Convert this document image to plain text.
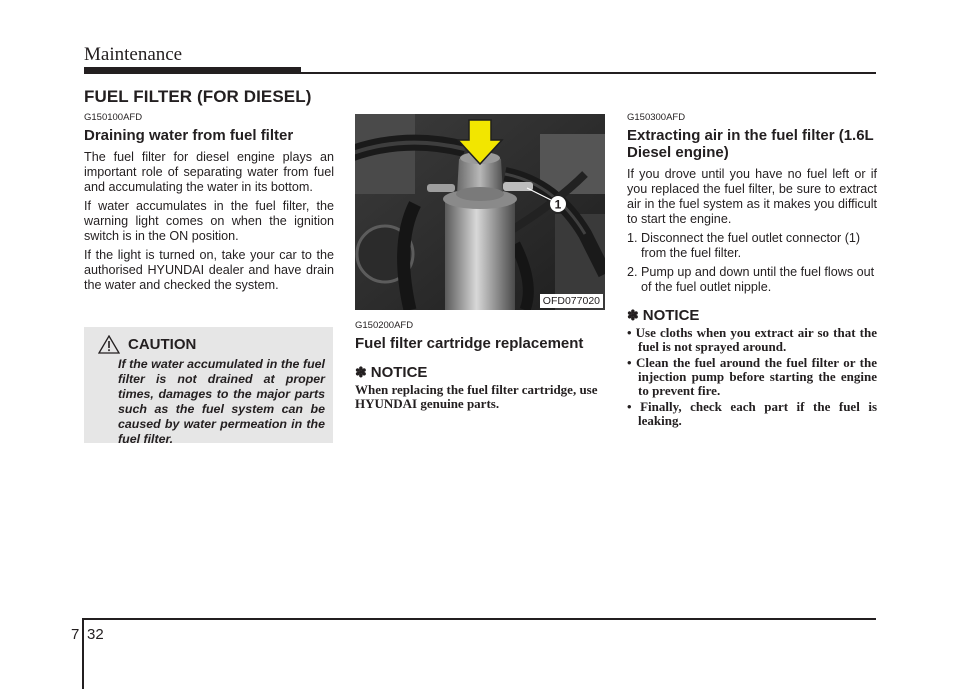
Maintenance
FUEL FILTER (FOR DIESEL)
G150100AFD
Draining water from fuel filter

The fuel filter for diesel engine plays an important role of separating water from fuel and accumulating the water in its bottom.

If water accumulates in the fuel filter, the warning light comes on when the ignition switch is in the ON position.

If the light is turned on, take your car to the authorised HYUNDAI dealer and have drain the water and checked the system.

CAUTION
If the water accumulated in the fuel filter is not drained at proper times, damages to the major parts such as the fuel system can be caused by water permeation in the fuel filter.
1
OFD077020
G150200AFD
Fuel filter cartridge replacement
✽ NOTICE
When replacing the fuel filter cartridge, use HYUNDAI genuine parts.
G150300AFD
Extracting air in the fuel filter (1.6L Diesel engine)

If you drove until you have no fuel left or if you replaced the fuel filter, be sure to extract air in the fuel system as it makes you difficult to start the engine.

1. Disconnect the fuel outlet connector (1) from the fuel filter.
2. Pump up and down until the fuel flows out of the fuel outlet nipple.
✽ NOTICE
• Use cloths when you extract air so that the fuel is not sprayed around.
• Clean the fuel around the fuel filter or the injection pump before starting the engine to prevent fire.
• Finally, check each part if the fuel is leaking.
7 32
